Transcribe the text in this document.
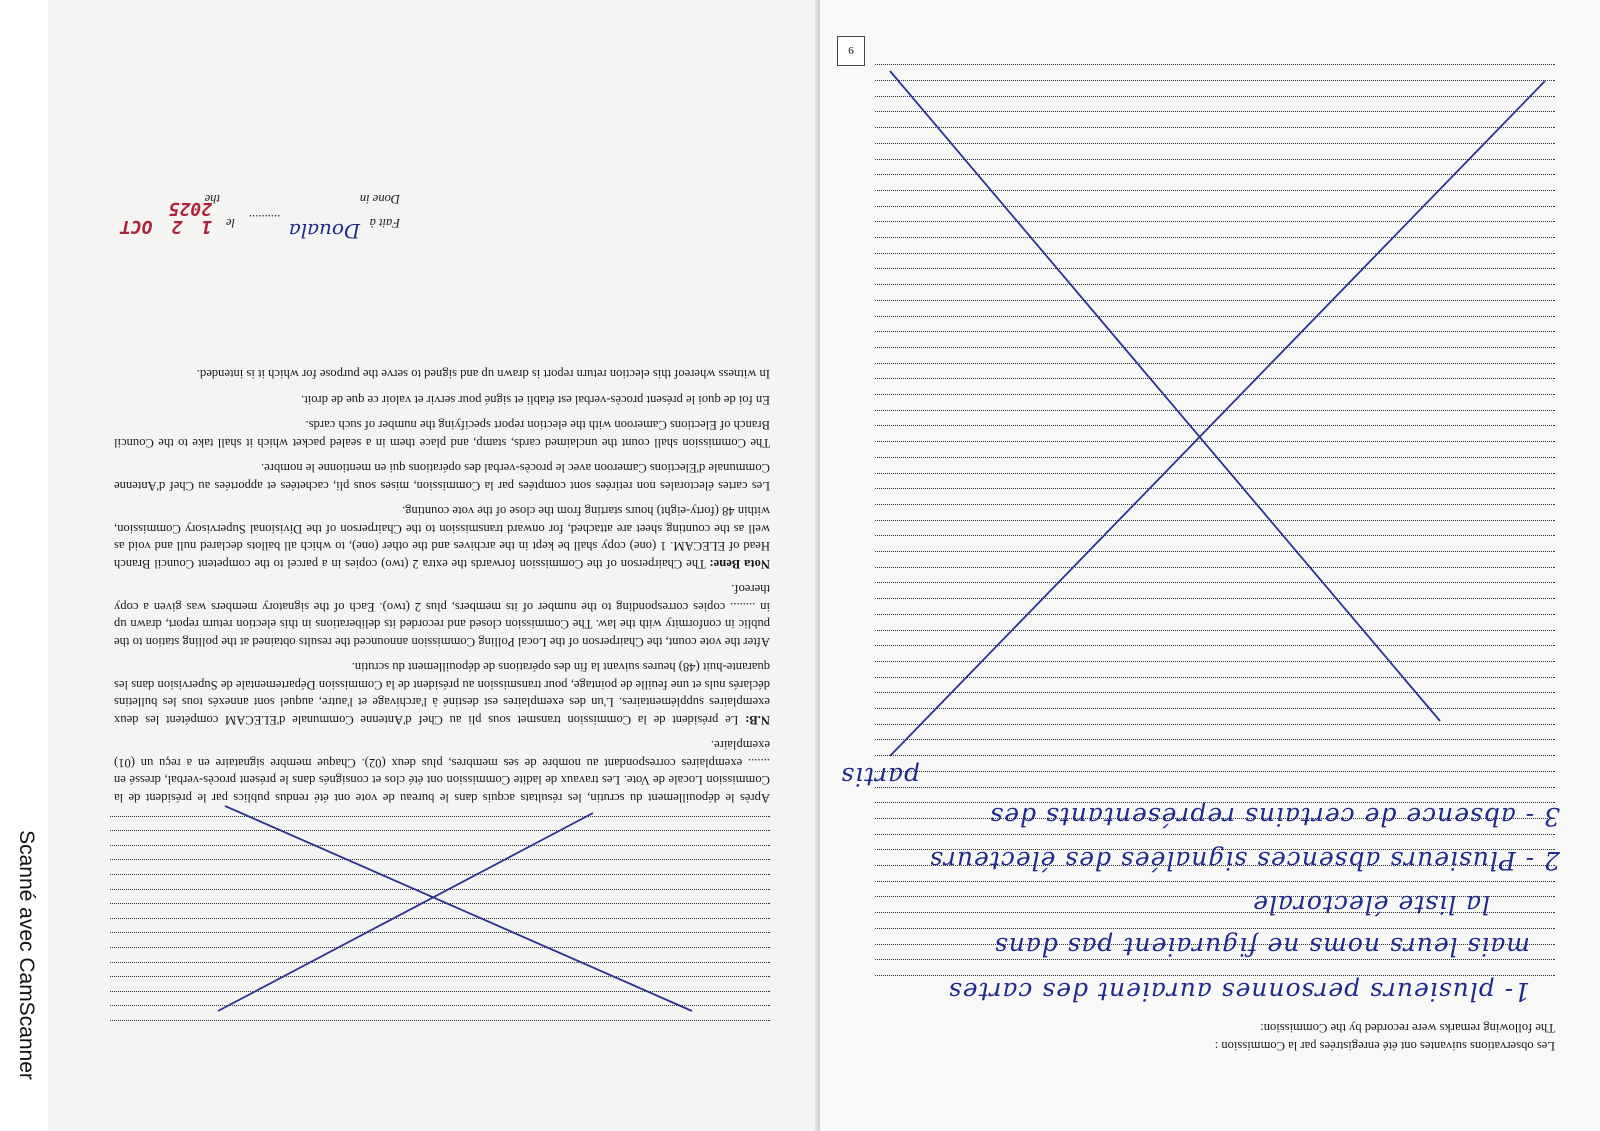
Fait à
Douala
..........
le
1 2 OCT 2025	Done in
the

Après le dépouillement du scrutin, les résultats acquis dans le bureau de vote ont été rendus publics par le président de la Commission Locale de Vote. Les travaux de ladite Commission ont été clos et consignés dans le présent procès-verbal, dressé en ....... exemplaires correspondant au nombre de ses membres, plus deux (02). Chaque membre signataire en a reçu un (01) exemplaire.

N.B: Le président de la Commission transmet sous pli au Chef d'Antenne Communale d'ELECAM compétent les deux exemplaires supplémentaires. L'un des exemplaires est destiné à l'archivage et l'autre, auquel sont annexés tous les bulletins déclarés nuls et une feuille de pointage, pour transmission au président de la Commission Départementale de Supervision dans les quarante-huit (48) heures suivant la fin des opérations de dépouillement du scrutin.

After the vote count, the Chairperson of the Local Polling Commission announced the results obtained at the polling station to the public in conformity with the law. The Commission closed and recorded its deliberations in this election return report, drawn up in ........ copies corresponding to the number of its members, plus 2 (two). Each of the signatory members was given a copy thereof.

Nota Bene: The Chairperson of the Commission forwards the extra 2 (two) copies in a parcel to the competent Council Branch Head of ELECAM. 1 (one) copy shall be kept in the archives and the other (one), to which all ballots declared null and void as well as the counting sheet are attached, for onward transmission to the Chairperson of the Divisional Supervisory Commission, within 48 (forty-eight) hours starting from the close of the vote counting.

Les cartes électorales non retirées sont comptées par la Commission, mises sous pli, cachetées et apportées au Chef d'Antenne Communale d'Elections Cameroon avec le procès-verbal des opérations qui en mentionne le nombre.

The Commission shall count the unclaimed cards, stamp, and place them in a sealed packet which it shall take to the Council Branch of Elections Cameroon with the election report specifying the number of such cards.

En foi de quoi le présent procès-verbal est établi et signé pour servir et valoir ce que de droit.

In witness whereof this election return report is drawn up and signed to serve the purpose for which it is intended.

Les observations suivantes ont été enregistrées par la Commission :
The following remarks were recorded by the Commission:
1- plusieurs personnes auraient des cartes
mais leurs noms ne figuraient pas dans
la liste électorale
2 - Plusieurs absences signalées des électeurs
3 - absence de certains représentants des
partis
6
Scanné avec CamScanner
